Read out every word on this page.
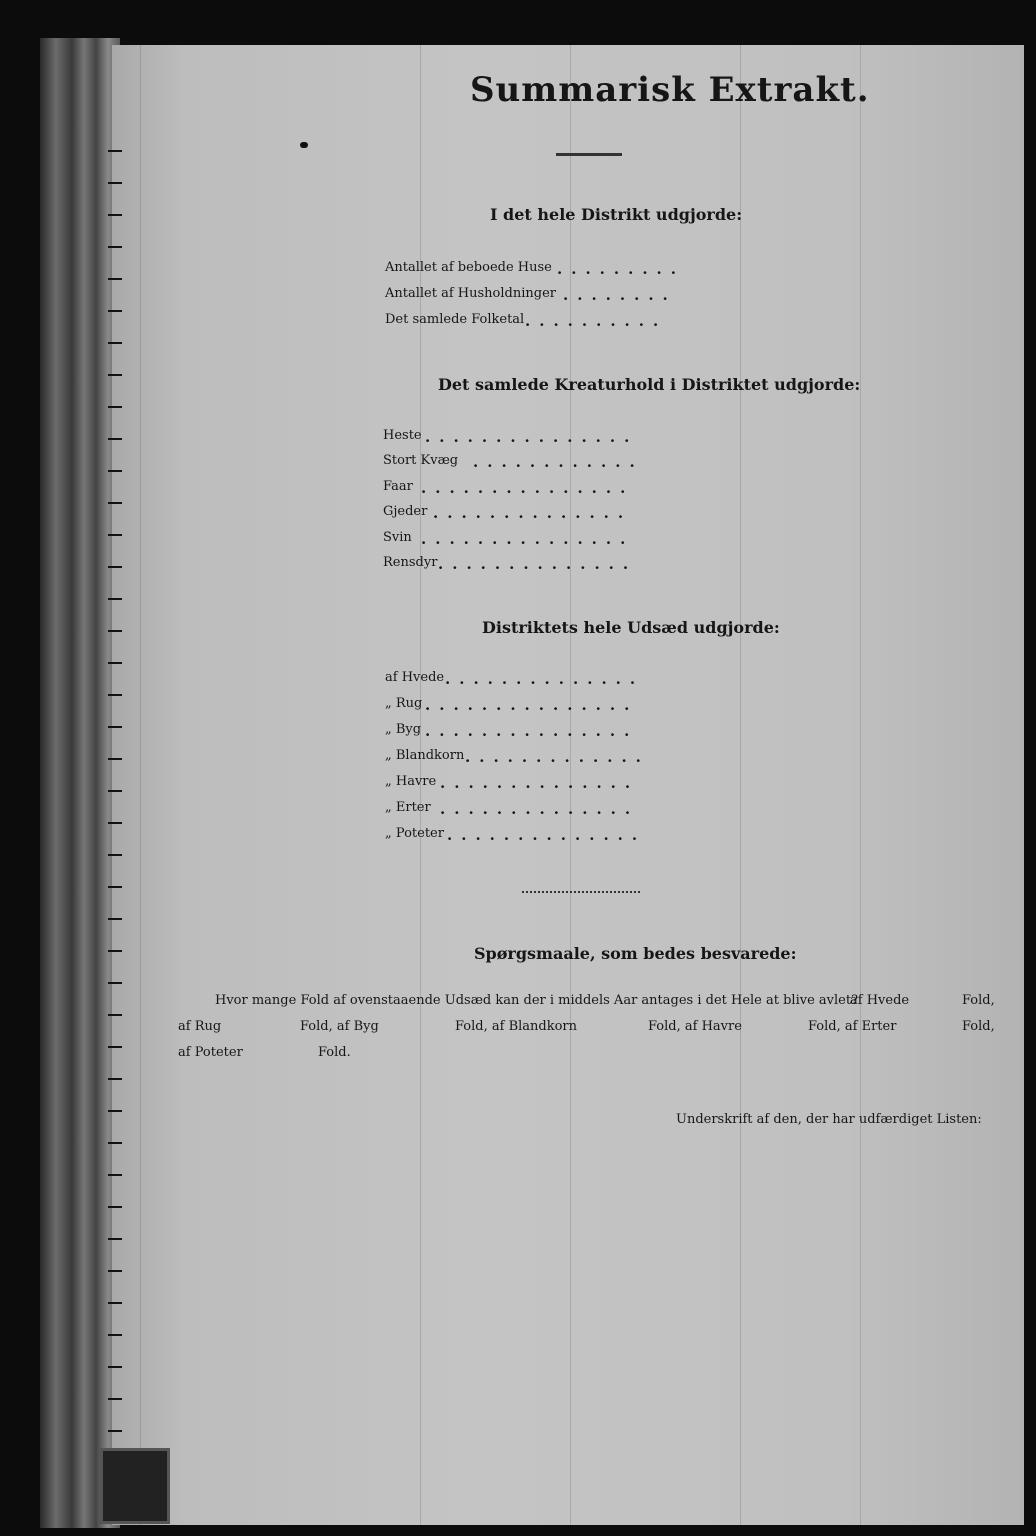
Summarisk Extrakt.
I det hele Distrikt udgjorde:
Antallet af beboede Huse .........
Antallet af Husholdninger ........
Det samlede Folketal ..........
Det samlede Kreaturhold i Distriktet udgjorde:
Heste ...............
Stort Kvæg ............
Faar ...............
Gjeder ..............
Svin ...............
Rensdyr ..............
Distriktets hele Udsæd udgjorde:
af Hvede ..............
„ Rug ...............
„ Byg ...............
„ Blandkorn .............
„ Havre ..............
„ Erter ..............
„ Poteter ..............
Spørgsmaale, som bedes besvarede:
Hvor mange Fold af ovenstaaende Udsæd kan der i middels Aar antages i det Hele at blive avlet?
af Hvede	Fold,
af Rug	Fold, af Byg	Fold, af Blandkorn	Fold, af Havre	Fold, af Erter	Fold,
af Poteter	Fold.
Underskrift af den, der har udfærdiget Listen:
